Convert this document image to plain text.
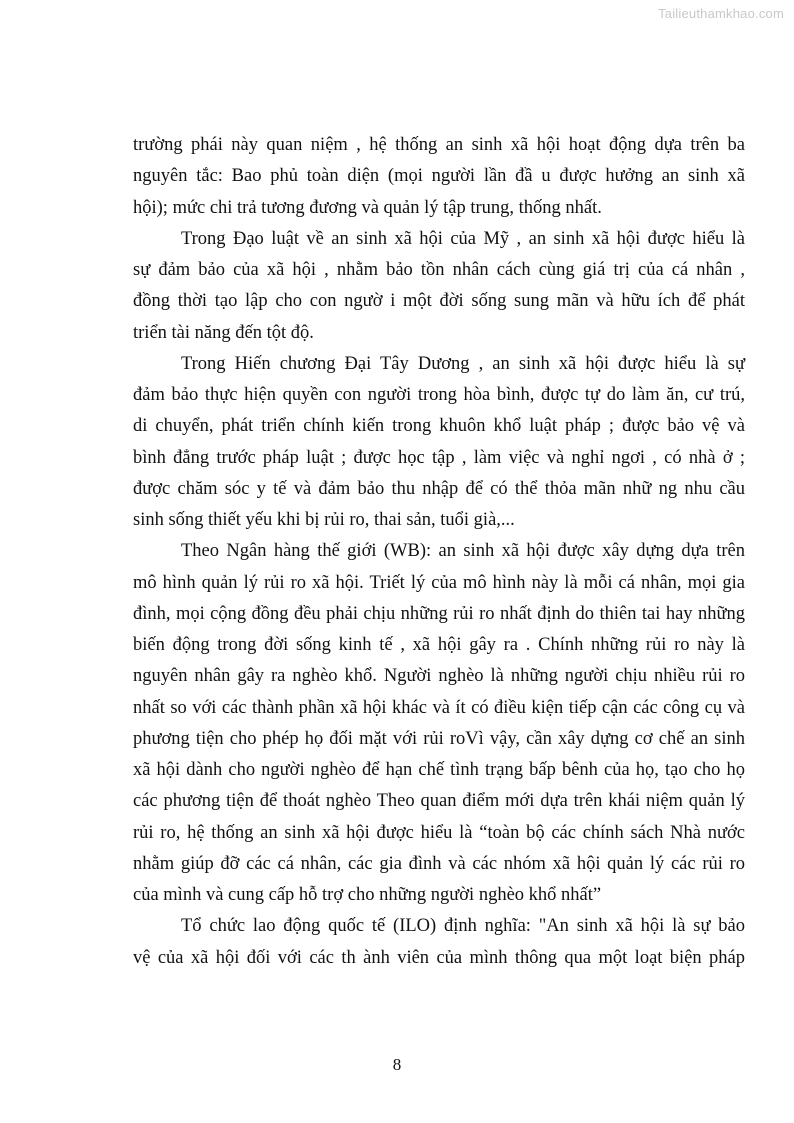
Tailieuthamkhao.com
trường phái này quan niệm , hệ thống an sinh xã hội hoạt động dựa trên ba
nguyên tắc: Bao phủ toàn diện (mọi người lần đầ u được hưởng an sinh xã
hội); mức chi trả tương đương và quản lý tập trung, thống nhất.
Trong Đạo luật về an sinh xã hội của Mỹ , an sinh xã hội được hiểu là
sự đảm bảo của xã hội , nhằm bảo tồn nhân cách cùng giá trị của cá nhân ,
đồng thời tạo lập cho con ngườ i một đời sống sung mãn và hữu ích để phát
triển tài năng đến tột độ.
Trong Hiến chương Đại Tây Dương , an sinh xã hội được hiểu là sự
đảm bảo thực hiện quyền con người trong hòa bình, được tự do làm ăn, cư trú,
di chuyển, phát triển chính kiến trong khuôn khổ luật pháp ; được bảo vệ và
bình đẳng trước pháp luật ; được học tập , làm việc và nghỉ ngơi , có nhà ở ;
được chăm sóc y tế và đảm bảo thu nhập để có thể thỏa mãn nhữ ng nhu cầu
sinh sống thiết yếu khi bị rủi ro, thai sản, tuổi già,...
Theo Ngân hàng thế giới (WB): an sinh xã hội được xây dựng dựa trên
mô hình quản lý rủi ro xã hội. Triết lý của mô hình này là mỗi cá nhân, mọi gia
đình, mọi cộng đồng đều phải chịu những rủi ro nhất định do thiên tai hay những
biến động trong đời sống kinh tế , xã hội gây ra . Chính những rủi ro này là
nguyên nhân gây ra nghèo khổ. Người nghèo là những người chịu nhiều rủi ro
nhất so với các thành phần xã hội khác và ít có điều kiện tiếp cận các công cụ và
phương tiện cho phép họ đối mặt với rủi roVì vậy, cần xây dựng cơ chế an sinh
xã hội dành cho người nghèo để hạn chế tình trạng bấp bênh của họ, tạo cho họ
các phương tiện để thoát nghèo Theo quan điểm mới dựa trên khái niệm quản lý
rủi ro, hệ thống an sinh xã hội được hiểu là “toàn bộ các chính sách Nhà nước
nhằm giúp đỡ các cá nhân, các gia đình và các nhóm xã hội quản lý các rủi ro
của mình và cung cấp hỗ trợ cho những người nghèo khổ nhất”
Tổ chức lao động quốc tế (ILO) định nghĩa: "An sinh xã hội là sự bảo
vệ của xã hội đối với các th ành viên của mình thông qua một loạt biện pháp
8
